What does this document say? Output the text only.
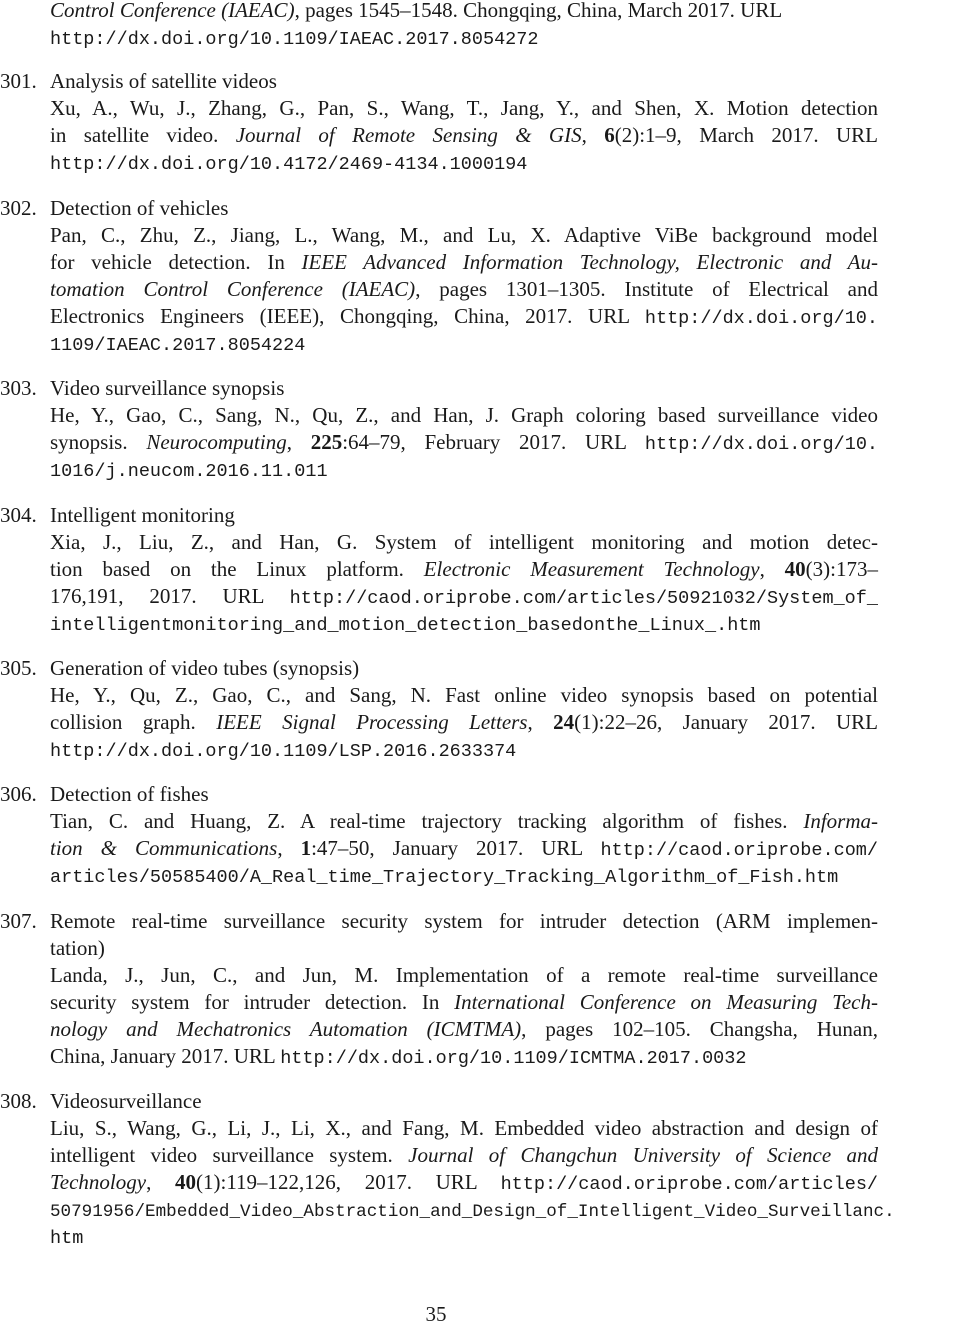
Control Conference (IAEAC), pages 1545–1548. Chongqing, China, March 2017. URL
http://dx.doi.org/10.1109/IAEAC.2017.8054272
301. Analysis of satellite videos
Xu, A., Wu, J., Zhang, G., Pan, S., Wang, T., Jang, Y., and Shen, X. Motion detection
in satellite video. Journal of Remote Sensing & GIS, 6(2):1–9, March 2017. URL
http://dx.doi.org/10.4172/2469-4134.1000194
302. Detection of vehicles
Pan, C., Zhu, Z., Jiang, L., Wang, M., and Lu, X. Adaptive ViBe background model
for vehicle detection. In IEEE Advanced Information Technology, Electronic and Au-
tomation Control Conference (IAEAC), pages 1301–1305. Institute of Electrical and
Electronics Engineers (IEEE), Chongqing, China, 2017. URL http://dx.doi.org/10.
1109/IAEAC.2017.8054224
303. Video surveillance synopsis
He, Y., Gao, C., Sang, N., Qu, Z., and Han, J. Graph coloring based surveillance video
synopsis. Neurocomputing, 225:64–79, February 2017. URL http://dx.doi.org/10.
1016/j.neucom.2016.11.011
304. Intelligent monitoring
Xia, J., Liu, Z., and Han, G. System of intelligent monitoring and motion detec-
tion based on the Linux platform. Electronic Measurement Technology, 40(3):173–
176,191, 2017. URL http://caod.oriprobe.com/articles/50921032/System_of_
intelligentmonitoring_and_motion_detection_basedonthe_Linux_.htm
305. Generation of video tubes (synopsis)
He, Y., Qu, Z., Gao, C., and Sang, N. Fast online video synopsis based on potential
collision graph. IEEE Signal Processing Letters, 24(1):22–26, January 2017. URL
http://dx.doi.org/10.1109/LSP.2016.2633374
306. Detection of fishes
Tian, C. and Huang, Z. A real-time trajectory tracking algorithm of fishes. Informa-
tion & Communications, 1:47–50, January 2017. URL http://caod.oriprobe.com/
articles/50585400/A_Real_time_Trajectory_Tracking_Algorithm_of_Fish.htm
307. Remote real-time surveillance security system for intruder detection (ARM implemen-
tation)
Landa, J., Jun, C., and Jun, M. Implementation of a remote real-time surveillance
security system for intruder detection. In International Conference on Measuring Tech-
nology and Mechatronics Automation (ICMTMA), pages 102–105. Changsha, Hunan,
China, January 2017. URL http://dx.doi.org/10.1109/ICMTMA.2017.0032
308. Videosurveillance
Liu, S., Wang, G., Li, J., Li, X., and Fang, M. Embedded video abstraction and design of
intelligent video surveillance system. Journal of Changchun University of Science and
Technology, 40(1):119–122,126, 2017. URL http://caod.oriprobe.com/articles/
50791956/Embedded_Video_Abstraction_and_Design_of_Intelligent_Video_Surveillanc.
htm
35
